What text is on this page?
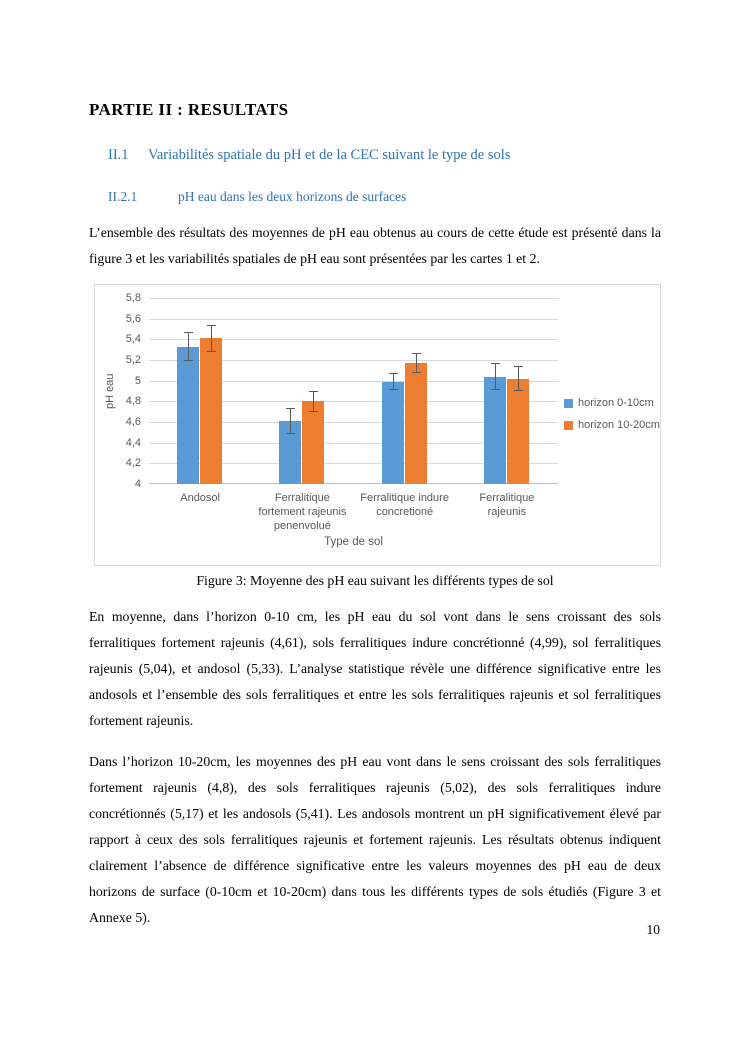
PARTIE II : RESULTATS
II.1 Variabilités spatiale du pH et de la CEC suivant le type de sols
II.2.1	pH eau dans les deux horizons de surfaces

L’ensemble des résultats des moyennes de pH eau obtenus au cours de cette étude est présenté dans la figure 3 et les variabilités spatiales de pH eau sont présentées par les cartes 1 et 2.

pH eau
4
4,2
4,4
4,6
4,8
5
5,2
5,4
5,6
5,8
Andosol	Ferralitique fortement rajeunis penenvolué
Ferralitique indure concretioné
Ferralitique rajeunis
Type de sol
horizon 0-10cm
horizon 10-20cm

Figure 3: Moyenne des pH eau suivant les différents types de sol

En moyenne, dans l’horizon 0-10 cm, les pH eau du sol vont dans le sens croissant des sols ferralitiques fortement rajeunis (4,61), sols ferralitiques indure concrétionné (4,99), sol ferralitiques rajeunis (5,04), et andosol (5,33). L’analyse statistique révèle une différence significative entre les andosols et l’ensemble des sols ferralitiques et entre les sols ferralitiques rajeunis et sol ferralitiques fortement rajeunis.

Dans l’horizon 10-20cm, les moyennes des pH eau vont dans le sens croissant des sols ferralitiques fortement rajeunis (4,8), des sols ferralitiques rajeunis (5,02), des sols ferralitiques indure concrétionnés (5,17) et les andosols (5,41). Les andosols montrent un pH significativement élevé par rapport à ceux des sols ferralitiques rajeunis et fortement rajeunis. Les résultats obtenus indiquent clairement l’absence de différence significative entre les valeurs moyennes des pH eau de deux horizons de surface (0-10cm et 10-20cm) dans tous les différents types de sols étudiés (Figure 3 et Annexe 5).

10
